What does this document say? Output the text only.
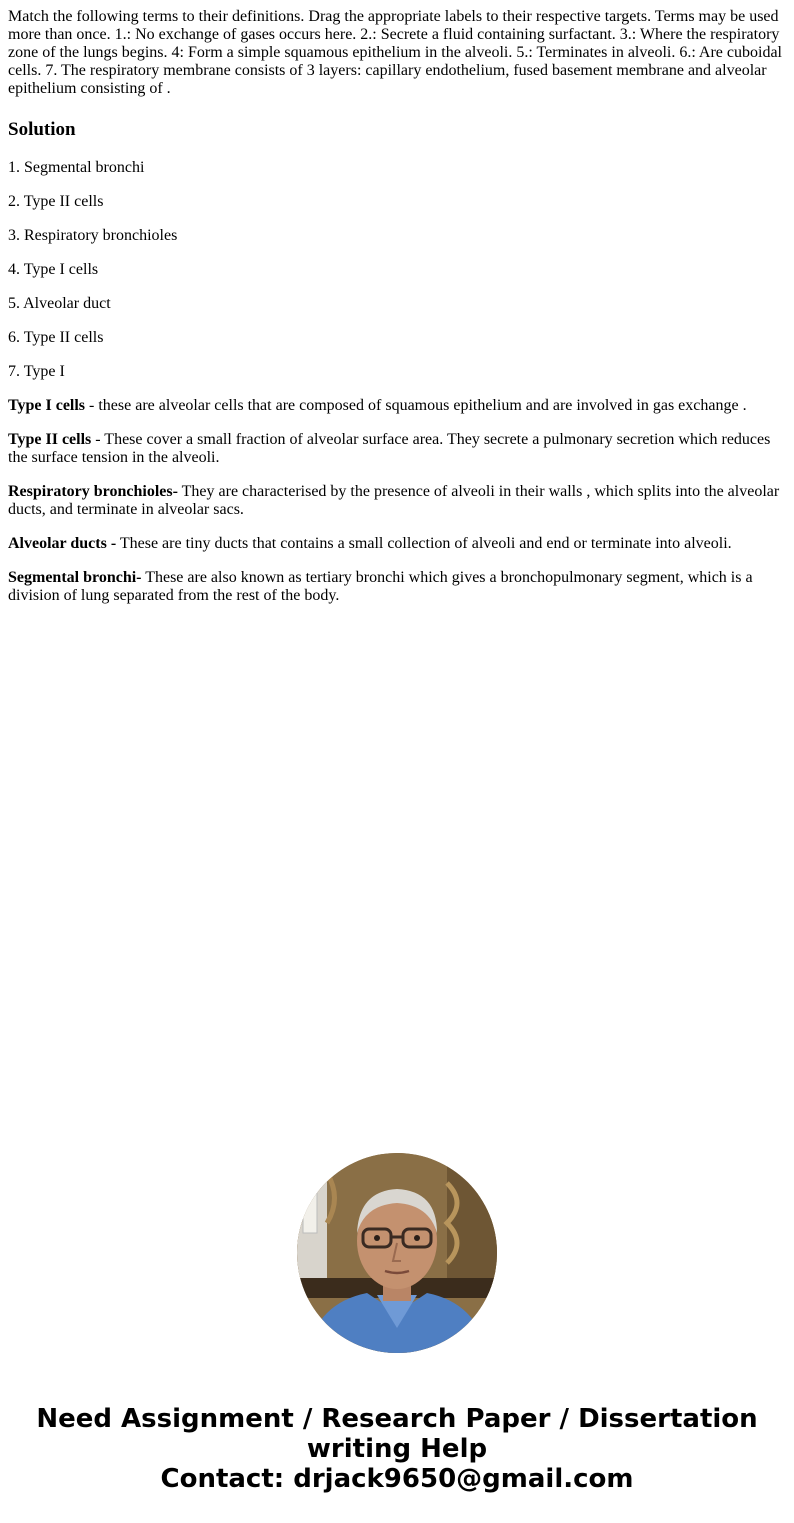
Match the following terms to their definitions. Drag the appropriate labels to their respective targets. Terms may be used more than once. 1.: No exchange of gases occurs here. 2.: Secrete a fluid containing surfactant. 3.: Where the respiratory zone of the lungs begins. 4: Form a simple squamous epithelium in the alveoli. 5.: Terminates in alveoli. 6.: Are cuboidal cells. 7. The respiratory membrane consists of 3 layers: capillary endothelium, fused basement membrane and alveolar epithelium consisting of .

Solution

1. Segmental bronchi

2. Type II cells

3. Respiratory bronchioles

4. Type I cells

5. Alveolar duct

6. Type II cells

7. Type I

Type I cells - these are alveolar cells that are composed of squamous epithelium and are involved in gas exchange .

Type II cells - These cover a small fraction of alveolar surface area. They secrete a pulmonary secretion which reduces the surface tension in the alveoli.

Respiratory bronchioles- They are characterised by the presence of alveoli in their walls , which splits into the alveolar ducts, and terminate in alveolar sacs.

Alveolar ducts - These are tiny ducts that contains a small collection of alveoli and end or terminate into alveoli.

Segmental bronchi- These are also known as tertiary bronchi which gives a bronchopulmonary segment, which is a division of lung separated from the rest of the body.

Need Assignment / Research Paper / Dissertation
writing Help
Contact: drjack9650@gmail.com
